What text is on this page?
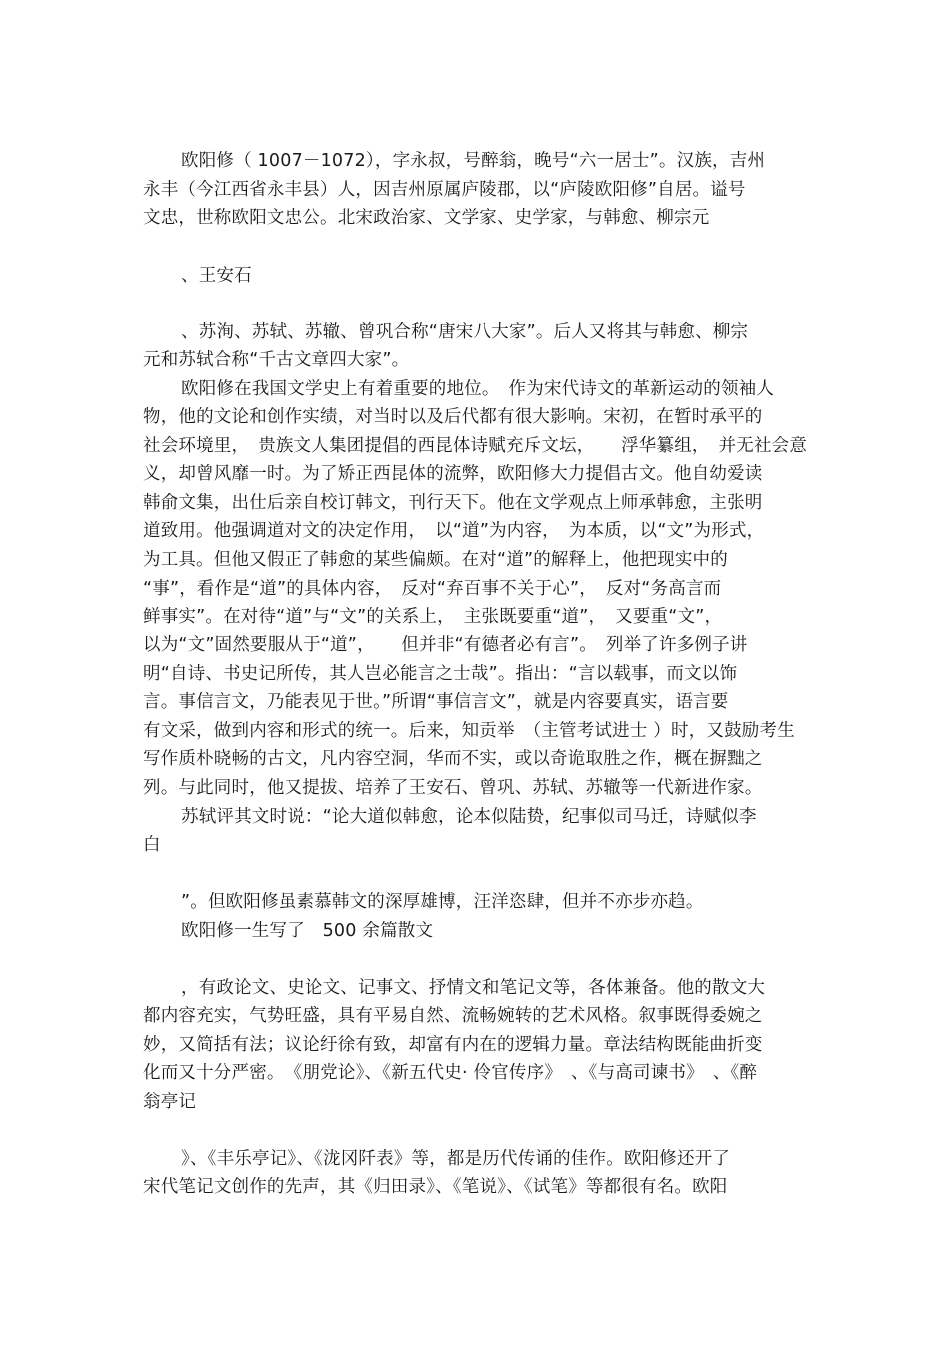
欧阳修（ 1007－1072），字永叔，号醉翁，晚号“六一居士”。汉族，吉州
永丰（今江西省永丰县）人，因吉州原属庐陵郡，以“庐陵欧阳修”自居。谥号
文忠，世称欧阳文忠公。北宋政治家、文学家、史学家，与韩愈、柳宗元
、王安石
、苏洵、苏轼、苏辙、曾巩合称“唐宋八大家”。后人又将其与韩愈、柳宗
元和苏轼合称“千古文章四大家”。
欧阳修在我国文学史上有着重要的地位。　作为宋代诗文的革新运动的领袖人
物，他的文论和创作实绩，对当时以及后代都有很大影响。宋初，在暂时承平的
社会环境里，　贵族文人集团提倡的西昆体诗赋充斥文坛，　　浮华纂组，　并无社会意
义，却曾风靡一时。为了矫正西昆体的流弊，欧阳修大力提倡古文。他自幼爱读
韩俞文集，出仕后亲自校订韩文，刊行天下。他在文学观点上师承韩愈，主张明
道致用。他强调道对文的决定作用，　以“道”为内容，　为本质，以“文”为形式，
为工具。但他又假正了韩愈的某些偏颇。在对“道”的解释上，他把现实中的
“事”，看作是“道”的具体内容，　反对“弃百事不关于心”，　反对“务高言而
鲜事实”。在对待“道”与“文”的关系上，　主张既要重“道”，　又要重“文”，
以为“文”固然要服从于“道”，　　但并非“有德者必有言”。　列举了许多例子讲
明“自诗、书史记所传，其人岂必能言之士哉”。指出：“言以载事，而文以饰
言。事信言文，乃能表见于世。”所谓“事信言文”，就是内容要真实，语言要
有文采，做到内容和形式的统一。后来，知贡举　（主管考试进士 ）时，又鼓励考生
写作质朴晓畅的古文，凡内容空洞，华而不实，或以奇诡取胜之作，概在摒黜之
列。与此同时，他又提拔、培养了王安石、曾巩、苏轼、苏辙等一代新进作家。
苏轼评其文时说：“论大道似韩愈，论本似陆贽，纪事似司马迁，诗赋似李
白
”。但欧阳修虽素慕韩文的深厚雄博，汪洋恣肆，但并不亦步亦趋。
欧阳修一生写了　500 余篇散文
，有政论文、史论文、记事文、抒情文和笔记文等，各体兼备。他的散文大
都内容充实，气势旺盛，具有平易自然、流畅婉转的艺术风格。叙事既得委婉之
妙，又简括有法；议论纡徐有致，却富有内在的逻辑力量。章法结构既能曲折变
化而又十分严密。　《朋党论》、《新五代史· 伶官传序》　、《与高司谏书》　、《醉
翁亭记
》、《丰乐亭记》、《泷冈阡表》等，都是历代传诵的佳作。欧阳修还开了
宋代笔记文创作的先声，其《归田录》、《笔说》、《试笔》等都很有名。欧阳
